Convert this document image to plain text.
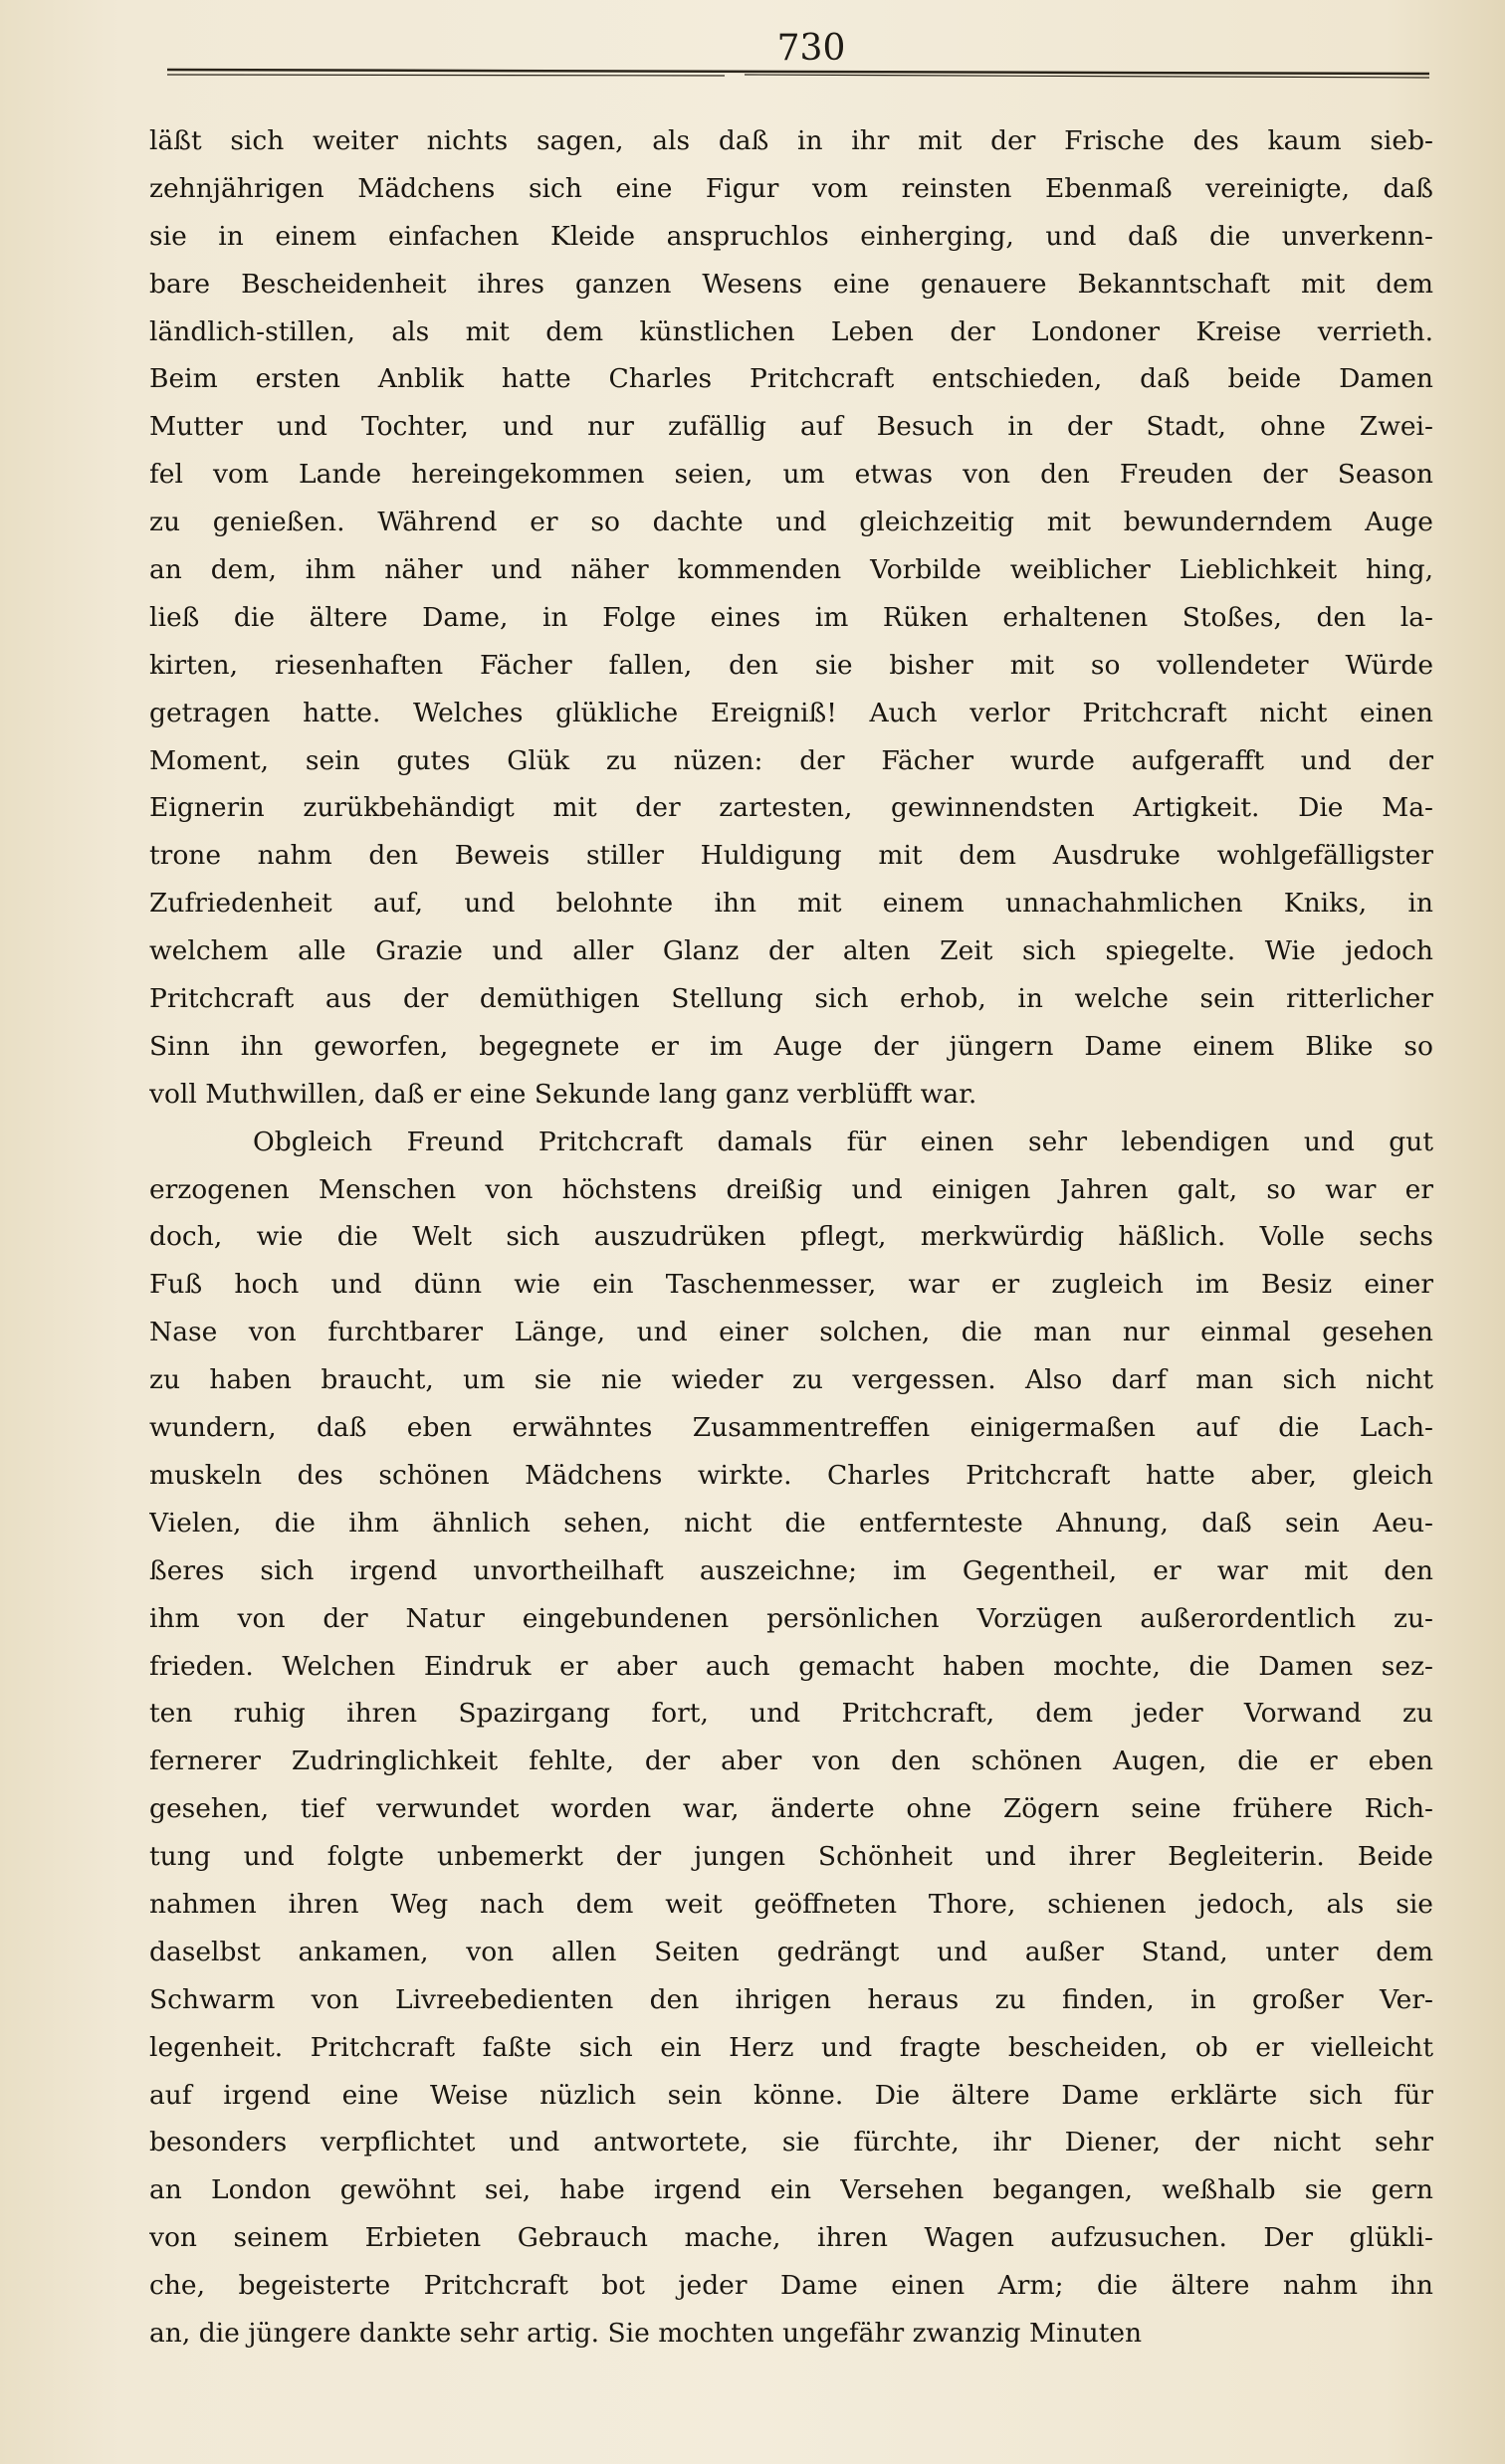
730
läßt sich weiter nichts sagen, als daß in ihr mit der Frische des kaum sieb-
zehnjährigen Mädchens sich eine Figur vom reinsten Ebenmaß vereinigte, daß
sie in einem einfachen Kleide anspruchlos einherging, und daß die unverkenn-
bare Bescheidenheit ihres ganzen Wesens eine genauere Bekanntschaft mit dem
ländlich-stillen, als mit dem künstlichen Leben der Londoner Kreise verrieth.
Beim ersten Anblik hatte Charles Pritchcraft entschieden, daß beide Damen
Mutter und Tochter, und nur zufällig auf Besuch in der Stadt, ohne Zwei-
fel vom Lande hereingekommen seien, um etwas von den Freuden der Season
zu genießen. Während er so dachte und gleichzeitig mit bewunderndem Auge
an dem, ihm näher und näher kommenden Vorbilde weiblicher Lieblichkeit hing,
ließ die ältere Dame, in Folge eines im Rüken erhaltenen Stoßes, den la-
kirten, riesenhaften Fächer fallen, den sie bisher mit so vollendeter Würde
getragen hatte. Welches glükliche Ereigniß! Auch verlor Pritchcraft nicht einen
Moment, sein gutes Glük zu nüzen: der Fächer wurde aufgerafft und der
Eignerin zurükbehändigt mit der zartesten, gewinnendsten Artigkeit. Die Ma-
trone nahm den Beweis stiller Huldigung mit dem Ausdruke wohlgefälligster
Zufriedenheit auf, und belohnte ihn mit einem unnachahmlichen Kniks, in
welchem alle Grazie und aller Glanz der alten Zeit sich spiegelte. Wie jedoch
Pritchcraft aus der demüthigen Stellung sich erhob, in welche sein ritterlicher
Sinn ihn geworfen, begegnete er im Auge der jüngern Dame einem Blike so
voll Muthwillen, daß er eine Sekunde lang ganz verblüfft war.
Obgleich Freund Pritchcraft damals für einen sehr lebendigen und gut
erzogenen Menschen von höchstens dreißig und einigen Jahren galt, so war er
doch, wie die Welt sich auszudrüken pflegt, merkwürdig häßlich. Volle sechs
Fuß hoch und dünn wie ein Taschenmesser, war er zugleich im Besiz einer
Nase von furchtbarer Länge, und einer solchen, die man nur einmal gesehen
zu haben braucht, um sie nie wieder zu vergessen. Also darf man sich nicht
wundern, daß eben erwähntes Zusammentreffen einigermaßen auf die Lach-
muskeln des schönen Mädchens wirkte. Charles Pritchcraft hatte aber, gleich
Vielen, die ihm ähnlich sehen, nicht die entfernteste Ahnung, daß sein Aeu-
ßeres sich irgend unvortheilhaft auszeichne; im Gegentheil, er war mit den
ihm von der Natur eingebundenen persönlichen Vorzügen außerordentlich zu-
frieden. Welchen Eindruk er aber auch gemacht haben mochte, die Damen sez-
ten ruhig ihren Spazirgang fort, und Pritchcraft, dem jeder Vorwand zu
fernerer Zudringlichkeit fehlte, der aber von den schönen Augen, die er eben
gesehen, tief verwundet worden war, änderte ohne Zögern seine frühere Rich-
tung und folgte unbemerkt der jungen Schönheit und ihrer Begleiterin. Beide
nahmen ihren Weg nach dem weit geöffneten Thore, schienen jedoch, als sie
daselbst ankamen, von allen Seiten gedrängt und außer Stand, unter dem
Schwarm von Livreebedienten den ihrigen heraus zu finden, in großer Ver-
legenheit. Pritchcraft faßte sich ein Herz und fragte bescheiden, ob er vielleicht
auf irgend eine Weise nüzlich sein könne. Die ältere Dame erklärte sich für
besonders verpflichtet und antwortete, sie fürchte, ihr Diener, der nicht sehr
an London gewöhnt sei, habe irgend ein Versehen begangen, weßhalb sie gern
von seinem Erbieten Gebrauch mache, ihren Wagen aufzusuchen. Der glükli-
che, begeisterte Pritchcraft bot jeder Dame einen Arm; die ältere nahm ihn
an, die jüngere dankte sehr artig. Sie mochten ungefähr zwanzig Minuten
